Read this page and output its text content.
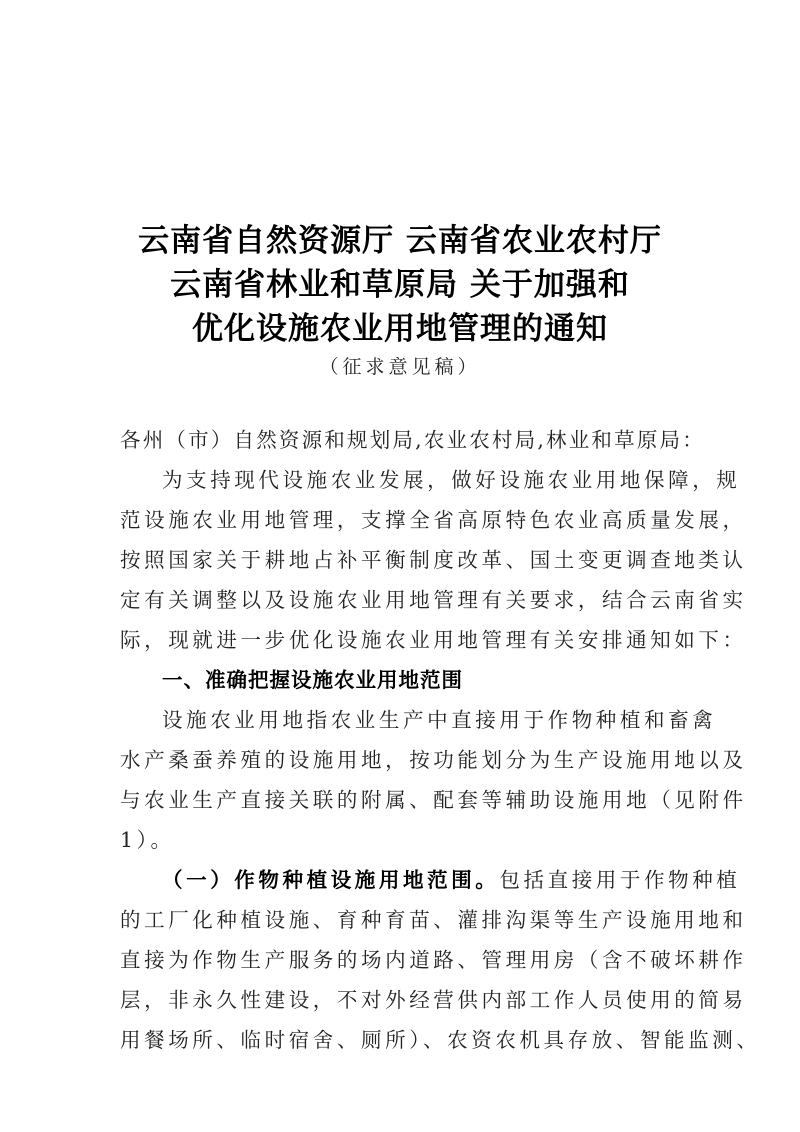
云南省自然资源厅 云南省农业农村厅
云南省林业和草原局 关于加强和
优化设施农业用地管理的通知
（征求意见稿）
各州（市）自然资源和规划局,农业农村局,林业和草原局：
为支持现代设施农业发展，做好设施农业用地保障，规
范设施农业用地管理，支撑全省高原特色农业高质量发展，
按照国家关于耕地占补平衡制度改革、国土变更调查地类认
定有关调整以及设施农业用地管理有关要求，结合云南省实
际，现就进一步优化设施农业用地管理有关安排通知如下：
一、准确把握设施农业用地范围
设施农业用地指农业生产中直接用于作物种植和畜禽
水产桑蚕养殖的设施用地，按功能划分为生产设施用地以及
与农业生产直接关联的附属、配套等辅助设施用地（见附件
1）。
（一）作物种植设施用地范围。包括直接用于作物种植
的工厂化种植设施、育种育苗、灌排沟渠等生产设施用地和
直接为作物生产服务的场内道路、管理用房（含不破坏耕作
层，非永久性建设，不对外经营供内部工作人员使用的简易
用餐场所、临时宿舍、厕所）、农资农机具存放、智能监测、
